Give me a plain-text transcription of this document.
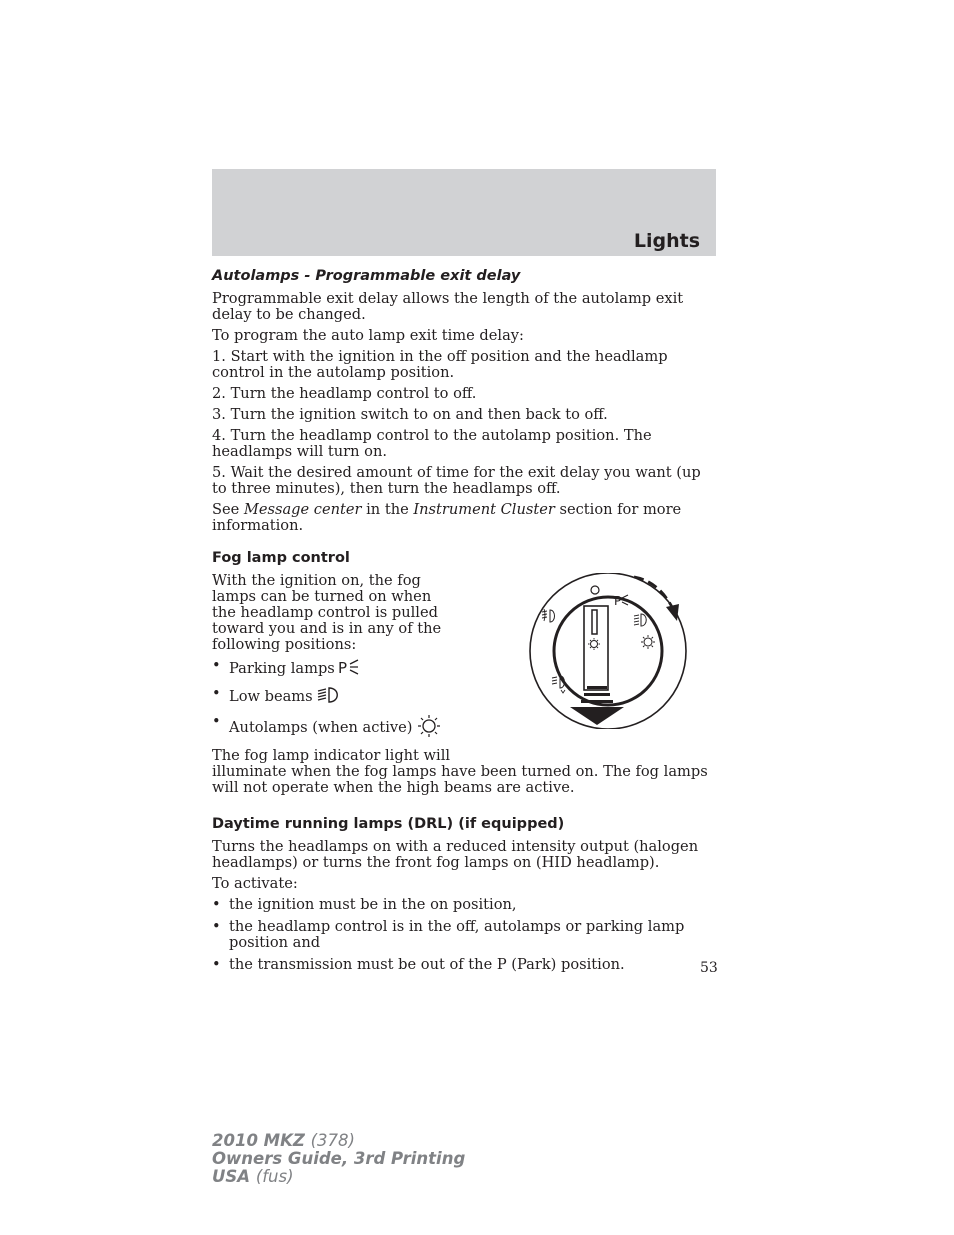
Lights
Autolamps - Programmable exit delay

Programmable exit delay allows the length of the autolamp exit delay to be changed.

To program the auto lamp exit time delay:

1. Start with the ignition in the off position and the headlamp control in the autolamp position.

2. Turn the headlamp control to off.

3. Turn the ignition switch to on and then back to off.

4. Turn the headlamp control to the autolamp position. The headlamps will turn on.

5. Wait the desired amount of time for the exit delay you want (up to three minutes), then turn the headlamps off.

See Message center in the Instrument Cluster section for more information.

Fog lamp control

With the ignition on, the fog lamps can be turned on when the headlamp control is pulled toward you and is in any of the following positions:

• Parking lamps P
• Low beams
• Autolamps (when active)

The fog lamp indicator light will

illuminate when the fog lamps have been turned on. The fog lamps will not operate when the high beams are active.

Daytime running lamps (DRL) (if equipped)

Turns the headlamps on with a reduced intensity output (halogen headlamps) or turns the front fog lamps on (HID headlamp).

To activate:

• the ignition must be in the on position,
• the headlamp control is in the off, autolamps or parking lamp position and
• the transmission must be out of the P (Park) position.
P
53
2010 MKZ (378)
Owners Guide, 3rd Printing
USA (fus)
